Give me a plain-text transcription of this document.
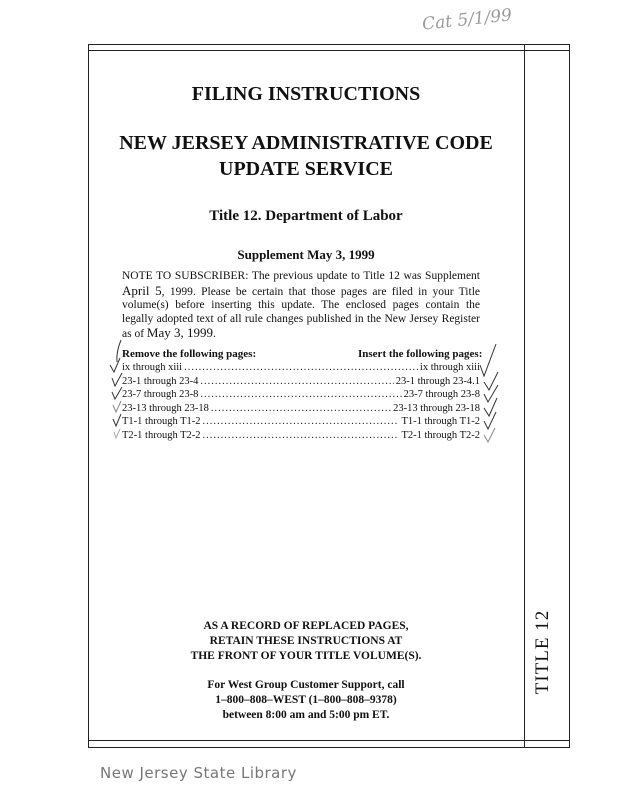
Cat 5/1/99
FILING INSTRUCTIONS
NEW JERSEY ADMINISTRATIVE CODE
UPDATE SERVICE
Title 12. Department of Labor
Supplement May 3, 1999
NOTE TO SUBSCRIBER: The previous update to Title 12 was Supplement April 5, 1999. Please be certain that those pages are filed in your Title volume(s) before inserting this update. The enclosed pages contain the legally adopted text of all rule changes published in the New Jersey Register as of May 3, 1999.
Remove the following pages:	Insert the following pages:
ix through xiii .....	ix through xiii
23-1 through 23-4 .....	23-1 through 23-4.1
23-7 through 23-8 .....	23-7 through 23-8
23-13 through 23-18 .....	23-13 through 23-18
T1-1 through T1-2 .....	T1-1 through T1-2
T2-1 through T2-2 .....	T2-1 through T2-2
AS A RECORD OF REPLACED PAGES,
RETAIN THESE INSTRUCTIONS AT
THE FRONT OF YOUR TITLE VOLUME(S).
For West Group Customer Support, call
1–800–808–WEST (1–800–808–9378)
between 8:00 am and 5:00 pm ET.
TITLE 12
New Jersey State Library
